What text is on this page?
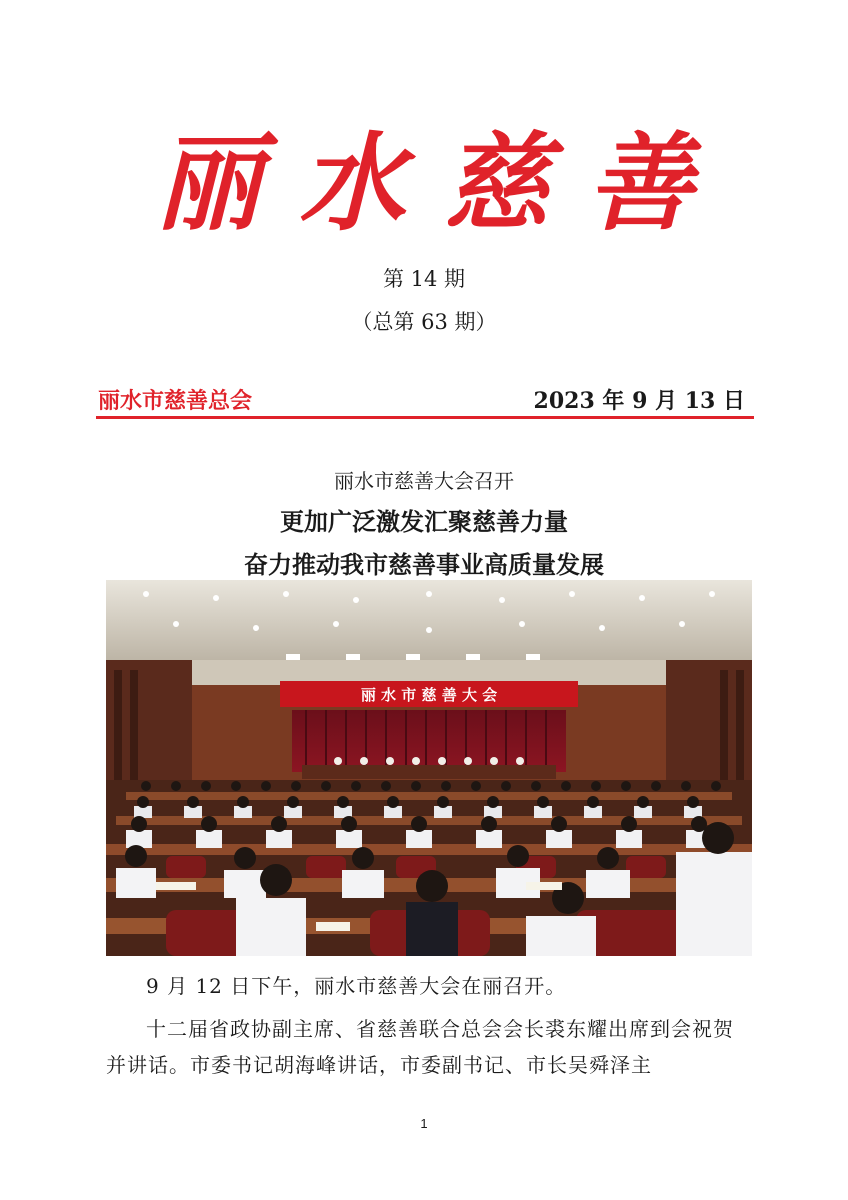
丽水慈善
第 14 期
（总第 63 期）
丽水市慈善总会	2023 年 9 月 13 日
丽水市慈善大会召开
更加广泛激发汇聚慈善力量
奋力推动我市慈善事业高质量发展
丽 水 市 慈 善 大 会
9 月 12 日下午，丽水市慈善大会在丽召开。
十二届省政协副主席、省慈善联合总会会长裘东耀出席到会祝贺并讲话。市委书记胡海峰讲话，市委副书记、市长吴舜泽主
1
